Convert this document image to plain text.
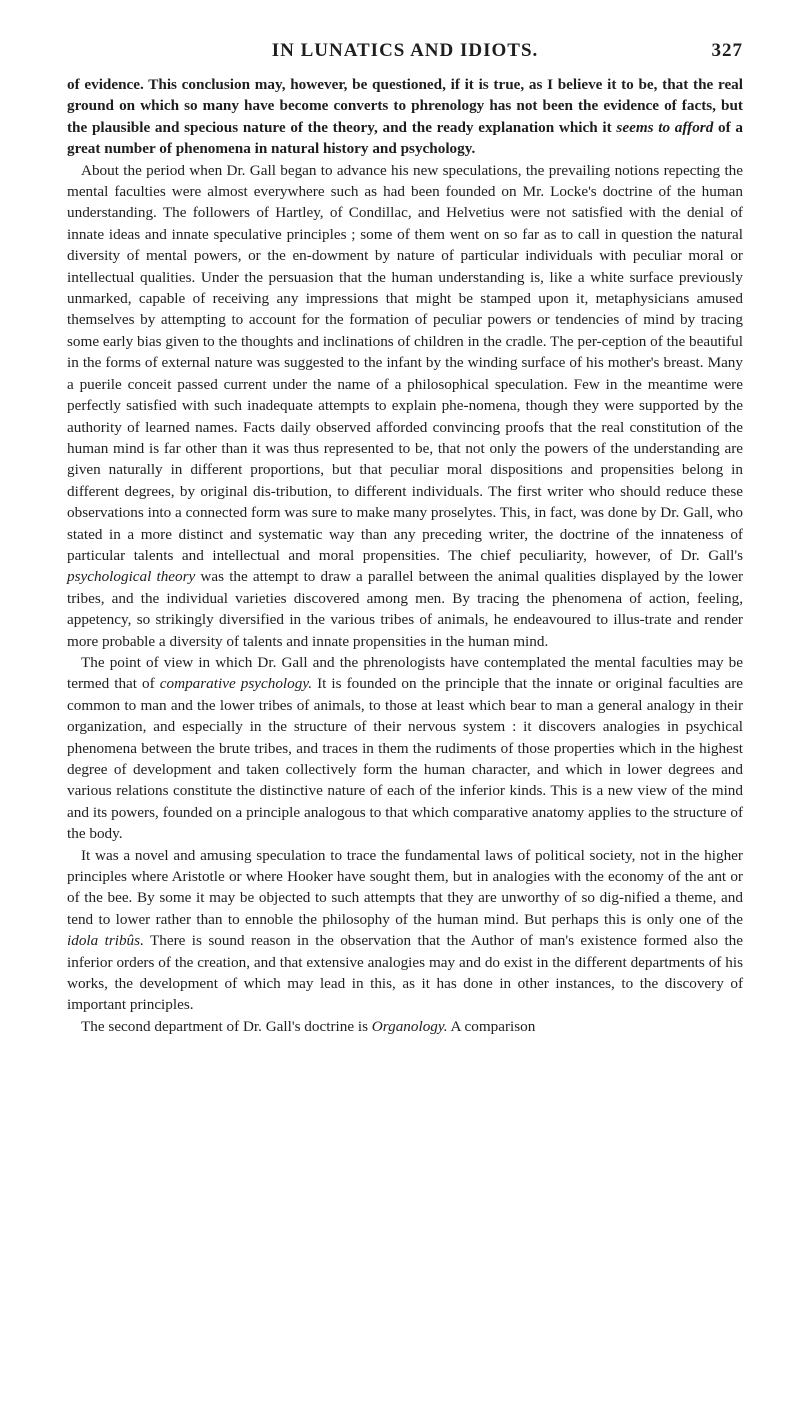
IN LUNATICS AND IDIOTS.	327

of evidence. This conclusion may, however, be questioned, if it is true, as I believe it to be, that the real ground on which so many have become converts to phrenology has not been the evidence of facts, but the plausible and specious nature of the theory, and the ready explanation which it seems to afford of a great number of phenomena in natural history and psychology.

About the period when Dr. Gall began to advance his new speculations, the prevailing notions repecting the mental faculties were almost everywhere such as had been founded on Mr. Locke's doctrine of the human understanding. The followers of Hartley, of Condillac, and Helvetius were not satisfied with the denial of innate ideas and innate speculative principles ; some of them went on so far as to call in question the natural diversity of mental powers, or the en-dowment by nature of particular individuals with peculiar moral or intellectual qualities. Under the persuasion that the human understanding is, like a white surface previously unmarked, capable of receiving any impressions that might be stamped upon it, metaphysicians amused themselves by attempting to account for the formation of peculiar powers or tendencies of mind by tracing some early bias given to the thoughts and inclinations of children in the cradle. The per-ception of the beautiful in the forms of external nature was suggested to the infant by the winding surface of his mother's breast. Many a puerile conceit passed current under the name of a philosophical speculation. Few in the meantime were perfectly satisfied with such inadequate attempts to explain phe-nomena, though they were supported by the authority of learned names. Facts daily observed afforded convincing proofs that the real constitution of the human mind is far other than it was thus represented to be, that not only the powers of the understanding are given naturally in different proportions, but that peculiar moral dispositions and propensities belong in different degrees, by original dis-tribution, to different individuals. The first writer who should reduce these observations into a connected form was sure to make many proselytes. This, in fact, was done by Dr. Gall, who stated in a more distinct and systematic way than any preceding writer, the doctrine of the innateness of particular talents and intellectual and moral propensities. The chief peculiarity, however, of Dr. Gall's psychological theory was the attempt to draw a parallel between the animal qualities displayed by the lower tribes, and the individual varieties discovered among men. By tracing the phenomena of action, feeling, appetency, so strikingly diversified in the various tribes of animals, he endeavoured to illus-trate and render more probable a diversity of talents and innate propensities in the human mind.

The point of view in which Dr. Gall and the phrenologists have contemplated the mental faculties may be termed that of comparative psychology. It is founded on the principle that the innate or original faculties are common to man and the lower tribes of animals, to those at least which bear to man a general analogy in their organization, and especially in the structure of their nervous system : it discovers analogies in psychical phenomena between the brute tribes, and traces in them the rudiments of those properties which in the highest degree of development and taken collectively form the human character, and which in lower degrees and various relations constitute the distinctive nature of each of the inferior kinds. This is a new view of the mind and its powers, founded on a principle analogous to that which comparative anatomy applies to the structure of the body.

It was a novel and amusing speculation to trace the fundamental laws of political society, not in the higher principles where Aristotle or where Hooker have sought them, but in analogies with the economy of the ant or of the bee. By some it may be objected to such attempts that they are unworthy of so dig-nified a theme, and tend to lower rather than to ennoble the philosophy of the human mind. But perhaps this is only one of the idola tribûs. There is sound reason in the observation that the Author of man's existence formed also the inferior orders of the creation, and that extensive analogies may and do exist in the different departments of his works, the development of which may lead in this, as it has done in other instances, to the discovery of important principles.

The second department of Dr. Gall's doctrine is Organology. A comparison
